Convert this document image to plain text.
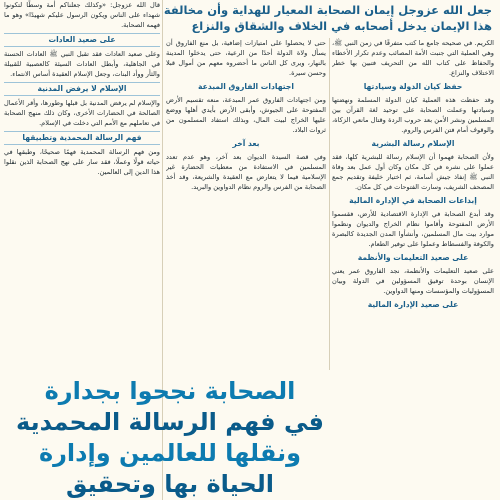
جعل الله عزوجل إيمان الصحابة المعيار للهداية وأن مخالفة
هذا الإيمان يدخل أصحابه في الخلاف والشقاق والنزاع

الكريم. في صحيحه جامع ما كتب متفرقًا في زمن النبي ﷺ، وهي العملية التي جنبت الأمة المصائب وعدم تكرار الأخطاء والحفاظ على كتاب الله من التحريف فتبين بها خطر الاختلاف والنزاع.

حفظ كيان الدولة وسيادتها

وقد حفظت هذه العملية كيان الدولة المسلمة ونهضتها وسيادتها وعملت الصحابة على توحيد لغة القرآن بين المسلمين ونشر الأمن بعد حروب الردة وقتال مانعي الزكاة، والوقوف أمام فتن الفرس والروم.

الإسلام رسالة البشرية

ولأن الصحابة فهموا أن الإسلام رسالة للبشرية كلها، فقد عملوا على نشره في كل مكان وكان أول عمل بعد وفاة النبي ﷺ إنفاذ جيش أسامة، ثم اختيار خليفة وتقديم جمع المصحف الشريف، وسارت الفتوحات في كل مكان.

إبداعات الصحابة في الإدارة المالية

وقد أبدع الصحابة في الإدارة الاقتصادية للأرض، فقسموا الأرض المفتوحة وأقاموا نظام الخراج والديوان ونظموا موارد بيت مال المسلمين، وأنشأوا المدن الجديدة كالبصرة والكوفة والفسطاط وعملوا على توفير الطعام.

على صعيد التعليمات والأنظمة

على صعيد التعليمات والأنظمة، نجد الفاروق عمر يعني الإنسان بوحدة توفيق المسؤولين في الدولة وبيان المسؤوليات والمؤسسات ومنها الدواوين.

على صعيد الإدارة المالية

حتى لا يحصلوا على امتيازات إضافية، بل منع الفاروق أن يسأل ولاة الدولة أحدًا من الرعية، حتى يدخلوا المدينة بالنهار، ويرى كل الناس ما أحضروه معهم من أموال قبلا وحسن سيرة.

اجتهادات الفاروق المبدعة

ومن اجتهادات الفاروق عمر المبدعة، منعه تقسيم الأرض المفتوحة على الجيوش، وأبقى الأرض بأيدي أهلها ووضع عليها الخراج لبيت المال، وبذلك استفاد المسلمون من ثروات البلاد.

بعد آخر

وفي قصة السيدة الديوان بعد آخر، وهو عدم تعدد المسلمين في الاستفادة من معطيات الحضارة غير الإسلامية فيما لا يتعارض مع العقيدة والشريعة، وقد أخذ الصحابة من الفرس والروم نظام الدواوين والبريد.

قال الله عزوجل: «وكذلك جعلناكم أمة وسطًا لتكونوا شهداء على الناس ويكون الرسول عليكم شهيدًا» وهو ما فهمه الصحابة.

على صعيد العادات

وعلى صعيد العادات فقد تقبل النبي ﷺ العادات الحسنة في الجاهلية، وأبطل العادات السيئة كالعصبية للقبيلة والثأر ووأد البنات، وجعل الإسلام العقيدة أساس الانتماء.

الإسلام لا يرفض المدنية

والإسلام لم يرفض المدنية بل قبلها وطورها، وأقر الأعمال الصالحة في الحضارات الأخرى، وكان ذلك منهج الصحابة في تعاملهم مع الأمم التي دخلت في الإسلام.

فهم الرسالة المحمدية وتطبيقها

ومن فهم الرسالة المحمدية فهمًا صحيحًا، وطبقها في حياته قولًا وعملًا، فقد سار على نهج الصحابة الذين نقلوا هذا الدين إلى العالمين.

الصحابة نجحوا بجدارة
في فهم الرسالة المحمدية
ونقلها للعالمين وإدارة
الحياة بها وتحقيق
